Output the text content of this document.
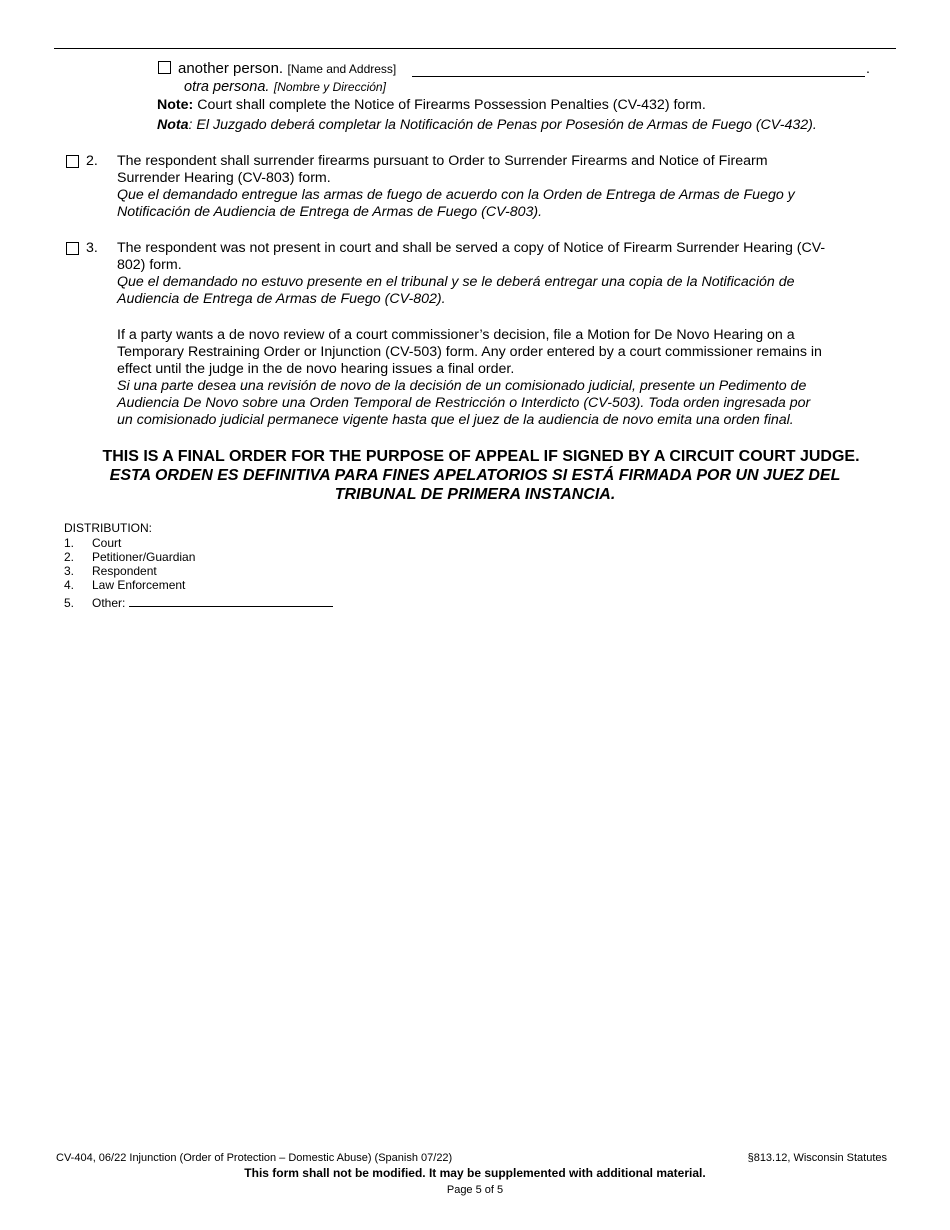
another person. [Name and Address]	.
otra persona. [Nombre y Dirección]
Note: Court shall complete the Notice of Firearms Possession Penalties (CV-432) form.
Nota: El Juzgado deberá completar la Notificación de Penas por Posesión de Armas de Fuego (CV-432).
2. The respondent shall surrender firearms pursuant to Order to Surrender Firearms and Notice of Firearm
Surrender Hearing (CV-803) form.
Que el demandado entregue las armas de fuego de acuerdo con la Orden de Entrega de Armas de Fuego y
Notificación de Audiencia de Entrega de Armas de Fuego (CV-803).
3. The respondent was not present in court and shall be served a copy of Notice of Firearm Surrender Hearing (CV-
802) form.
Que el demandado no estuvo presente en el tribunal y se le deberá entregar una copia de la Notificación de
Audiencia de Entrega de Armas de Fuego (CV-802).
If a party wants a de novo review of a court commissioner’s decision, file a Motion for De Novo Hearing on a
Temporary Restraining Order or Injunction (CV-503) form. Any order entered by a court commissioner remains in
effect until the judge in the de novo hearing issues a final order.
Si una parte desea una revisión de novo de la decisión de un comisionado judicial, presente un Pedimento de
Audiencia De Novo sobre una Orden Temporal de Restricción o Interdicto (CV-503). Toda orden ingresada por
un comisionado judicial permanece vigente hasta que el juez de la audiencia de novo emita una orden final.
THIS IS A FINAL ORDER FOR THE PURPOSE OF APPEAL IF SIGNED BY A CIRCUIT COURT JUDGE.
ESTA ORDEN ES DEFINITIVA PARA FINES APELATORIOS SI ESTÁ FIRMADA POR UN JUEZ DEL
TRIBUNAL DE PRIMERA INSTANCIA.
DISTRIBUTION:
1. Court
2. Petitioner/Guardian
3. Respondent
4. Law Enforcement
5. Other:
CV-404, 06/22 Injunction (Order of Protection – Domestic Abuse) (Spanish 07/22)	§813.12, Wisconsin Statutes
This form shall not be modified. It may be supplemented with additional material.
Page 5 of 5
